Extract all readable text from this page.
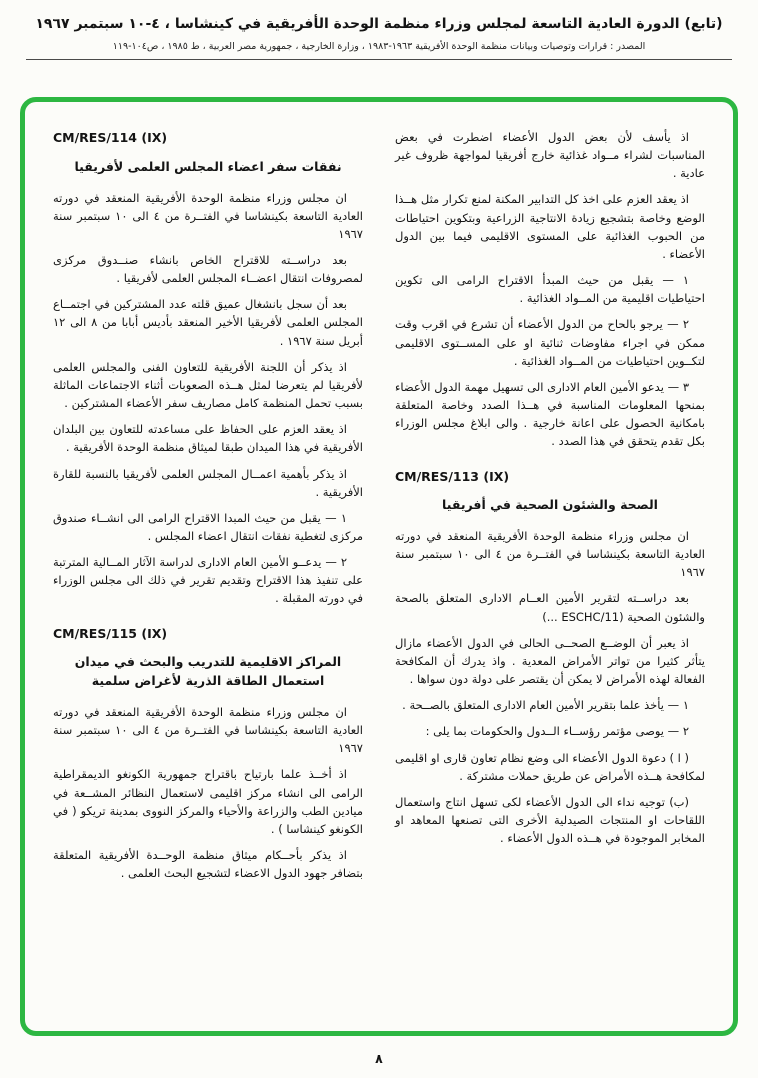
(تابع) الدورة العادية التاسعة لمجلس وزراء منظمة الوحدة الأفريقية في كينشاسا ، ٤-١٠ سبتمبر ١٩٦٧
المصدر : قرارات وتوصيات وبيانات منظمة الوحدة الأفريقية ١٩٦٣-١٩٨٣ ، وزارة الخارجية ، جمهورية مصر العربية ، ط ١٩٨٥ ، ص١٠٤-١١٩

اذ يأسف لأن بعض الدول الأعضاء اضطرت في بعض المناسبات لشراء مــواد غذائية خارج أفريقيا لمواجهة ظروف غير عادية .

اذ يعقد العزم على اخذ كل التدابير المكنة لمنع تكرار مثل هــذا الوضع وخاصة بتشجيع زيادة الانتاجية الزراعية وبتكوين احتياطات من الحبوب الغذائية على المستوى الاقليمى فيما بين الدول الأعضاء .

١ — يقبل من حيث المبدأ الاقتراح الرامى الى تكوين احتياطيات اقليمية من المــواد الغذائية .

٢ — يرجو بالحاح من الدول الأعضاء أن تشرع في اقرب وقت ممكن في اجراء مفاوضات ثنائية او على المســتوى الاقليمى لتكــوين احتياطيات من المــواد الغذائية .

٣ — يدعو الأمين العام الادارى الى تسهيل مهمة الدول الأعضاء بمنحها المعلومات المناسبة في هــذا الصدد وخاصة المتعلقة بامكانية الحصول على اعانة خارجية . والى ابلاغ مجلس الوزراء بكل تقدم يتحقق في هذا الصدد .

CM/RES/113 (IX)
الصحة والشئون الصحية في أفريقيا

ان مجلس وزراء منظمة الوحدة الأفريقية المنعقد في دورته العادية التاسعة بكينشاسا في الفتــرة من ٤ الى ١٠ سبتمبر سنة ١٩٦٧

بعد دراســته لتقرير الأمين العــام الادارى المتعلق بالصحة والشئون الصحية (ESCHC/11 ...)

اذ يعبر أن الوضــع الصحــى الحالى في الدول الأعضاء مازال يتأثر كثيرا من تواتر الأمراض المعدية . واذ يدرك أن المكافحة الفعالة لهذه الأمراض لا يمكن أن يقتصر على دولة دون سواها .

١ — يأخذ علما بتقرير الأمين العام الادارى المتعلق بالصــحة .

٢ — يوصى مؤتمر رؤســاء الــدول والحكومات بما يلى :

( ا ) دعوة الدول الأعضاء الى وضع نظام تعاون قارى او اقليمى لمكافحة هــذه الأمراض عن طريق حملات مشتركة .

(ب) توجيه نداء الى الدول الأعضاء لكى تسهل انتاج واستعمال اللقاحات او المنتجات الصيدلية الأخرى التى تصنعها المعاهد او المخابر الموجودة في هــذه الدول الأعضاء .

CM/RES/114 (IX)
نفقات سفر اعضاء المجلس العلمى لأفريقيا

ان مجلس وزراء منظمة الوحدة الأفريقية المنعقد في دورته العادية التاسعة بكينشاسا في الفتــرة من ٤ الى ١٠ سبتمبر سنة ١٩٦٧

بعد دراســته للاقتراح الخاص بانشاء صنــدوق مركزى لمصروفات انتقال اعضــاء المجلس العلمى لأفريقيا .

بعد أن سجل بانشغال عميق قلته عدد المشتركين في اجتمــاع المجلس العلمى لأفريقيا الأخير المنعقد بأديس أبابا من ٨ الى ١٢ أبريل سنة ١٩٦٧ .

اذ يذكر أن اللجنة الأفريقية للتعاون الفنى والمجلس العلمى لأفريقيا لم يتعرضا لمثل هــذه الصعوبات أثناء الاجتماعات الماثلة بسبب تحمل المنظمة كامل مصاريف سفر الأعضاء المشتركين .

اذ يعقد العزم على الحفاظ على مساعدته للتعاون بين البلدان الأفريقية في هذا الميدان طبقا لميثاق منظمة الوحدة الأفريقية .

اذ يذكر بأهمية اعمــال المجلس العلمى لأفريقيا بالنسبة للقارة الأفريقية .

١ — يقبل من حيث المبدا الاقتراح الرامى الى انشــاء صندوق مركزى لتغطية نفقات انتقال اعضاء المجلس .

٢ — يدعــو الأمين العام الادارى لدراسة الآثار المــالية المترتبة على تنفيذ هذا الاقتراح وتقديم تقرير في ذلك الى مجلس الوزراء في دورته المقبلة .

CM/RES/115 (IX)
المراكز الاقليمية للتدريب والبحث في ميدان استعمال الطاقة الذرية لأغراض سلمية

ان مجلس وزراء منظمة الوحدة الأفريقية المنعقد في دورته العادية التاسعة بكينشاسا في الفتــرة من ٤ الى ١٠ سبتمبر سنة ١٩٦٧

اذ أخــذ علما بارتياح باقتراح جمهورية الكونغو الديمقراطية الرامى الى انشاء مركز اقليمى لاستعمال النظائر المشــعة في ميادين الطب والزراعة والأحياء والمركز النووى بمدينة تريكو ( في الكونغو كينشاسا ) .

اذ يذكر بأحــكام ميثاق منظمة الوحــدة الأفريقية المتعلقة بتضافر جهود الدول الاعضاء لتشجيع البحث العلمى .

٨
